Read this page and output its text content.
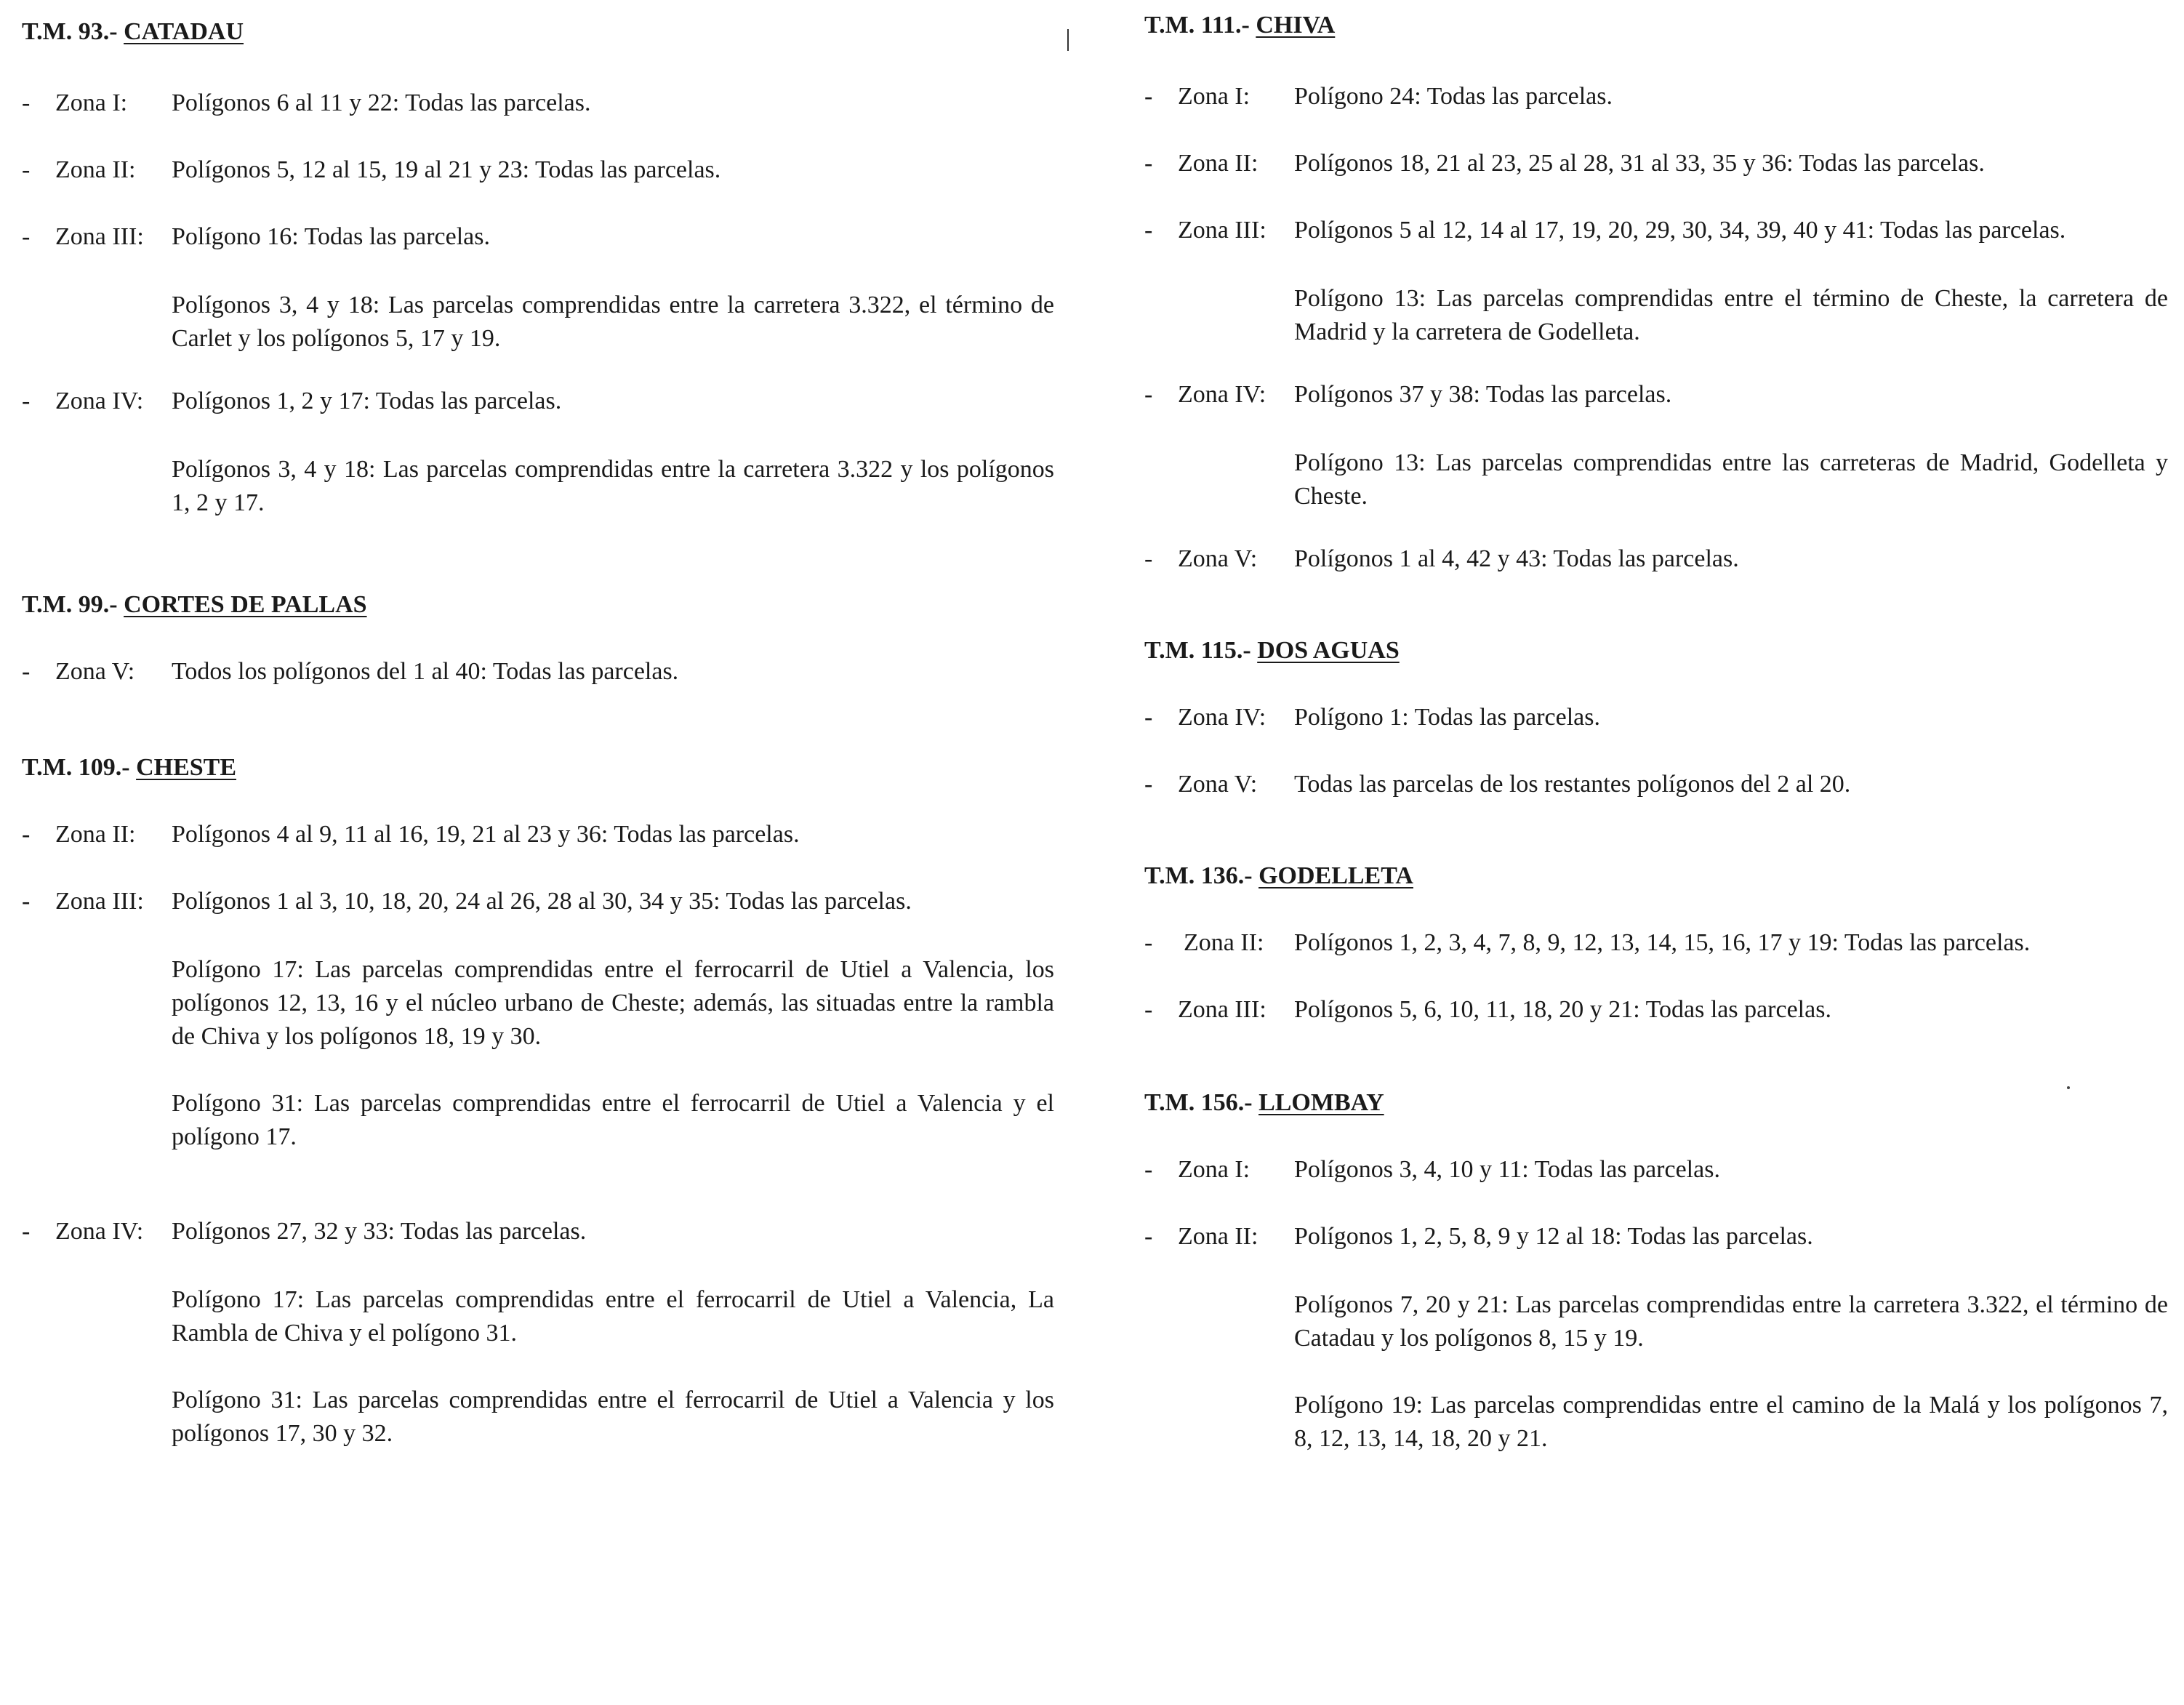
T.M. 93.- CATADAU
- Zona I: Polígonos 6 al 11 y 22: Todas las parcelas.
- Zona II: Polígonos 5, 12 al 15, 19 al 21 y 23: Todas las parcelas.
- Zona III: Polígono 16: Todas las parcelas.
Polígonos 3, 4 y 18: Las parcelas comprendidas entre la carretera 3.322, el término de Carlet y los polígonos 5, 17 y 19.
- Zona IV: Polígonos 1, 2 y 17: Todas las parcelas.
Polígonos 3, 4 y 18: Las parcelas comprendidas entre la carretera 3.322 y los polígonos 1, 2 y 17.
T.M. 99.- CORTES DE PALLAS
- Zona V: Todos los polígonos del 1 al 40: Todas las parcelas.
T.M. 109.- CHESTE
- Zona II: Polígonos 4 al 9, 11 al 16, 19, 21 al 23 y 36: Todas las parcelas.
- Zona III: Polígonos 1 al 3, 10, 18, 20, 24 al 26, 28 al 30, 34 y 35: Todas las parcelas.
Polígono 17: Las parcelas comprendidas entre el ferrocarril de Utiel a Valencia, los polígonos 12, 13, 16 y el núcleo urbano de Cheste; además, las situadas entre la rambla de Chiva y los polígonos 18, 19 y 30.
Polígono 31: Las parcelas comprendidas entre el ferrocarril de Utiel a Valencia y el polígono 17.
- Zona IV: Polígonos 27, 32 y 33: Todas las parcelas.
Polígono 17: Las parcelas comprendidas entre el ferrocarril de Utiel a Valencia, La Rambla de Chiva y el polígono 31.
Polígono 31: Las parcelas comprendidas entre el ferrocarril de Utiel a Valencia y los polígonos 17, 30 y 32.
T.M. 111.- CHIVA
- Zona I: Polígono 24: Todas las parcelas.
- Zona II: Polígonos 18, 21 al 23, 25 al 28, 31 al 33, 35 y 36: Todas las parcelas.
- Zona III: Polígonos 5 al 12, 14 al 17, 19, 20, 29, 30, 34, 39, 40 y 41: Todas las parcelas.
Polígono 13: Las parcelas comprendidas entre el término de Cheste, la carretera de Madrid y la carretera de Godelleta.
- Zona IV: Polígonos 37 y 38: Todas las parcelas.
Polígono 13: Las parcelas comprendidas entre las carreteras de Madrid, Godelleta y Cheste.
- Zona V: Polígonos 1 al 4, 42 y 43: Todas las parcelas.
T.M. 115.- DOS AGUAS
- Zona IV: Polígono 1: Todas las parcelas.
- Zona V: Todas las parcelas de los restantes polígonos del 2 al 20.
T.M. 136.- GODELLETA
- Zona II: Polígonos 1, 2, 3, 4, 7, 8, 9, 12, 13, 14, 15, 16, 17 y 19: Todas las parcelas.
- Zona III: Polígonos 5, 6, 10, 11, 18, 20 y 21: Todas las parcelas.
T.M. 156.- LLOMBAY
- Zona I: Polígonos 3, 4, 10 y 11: Todas las parcelas.
- Zona II: Polígonos 1, 2, 5, 8, 9 y 12 al 18: Todas las parcelas.
Polígonos 7, 20 y 21: Las parcelas comprendidas entre la carretera 3.322, el término de Catadau y los polígonos 8, 15 y 19.
Polígono 19: Las parcelas comprendidas entre el camino de la Malá y los polígonos 7, 8, 12, 13, 14, 18, 20 y 21.
